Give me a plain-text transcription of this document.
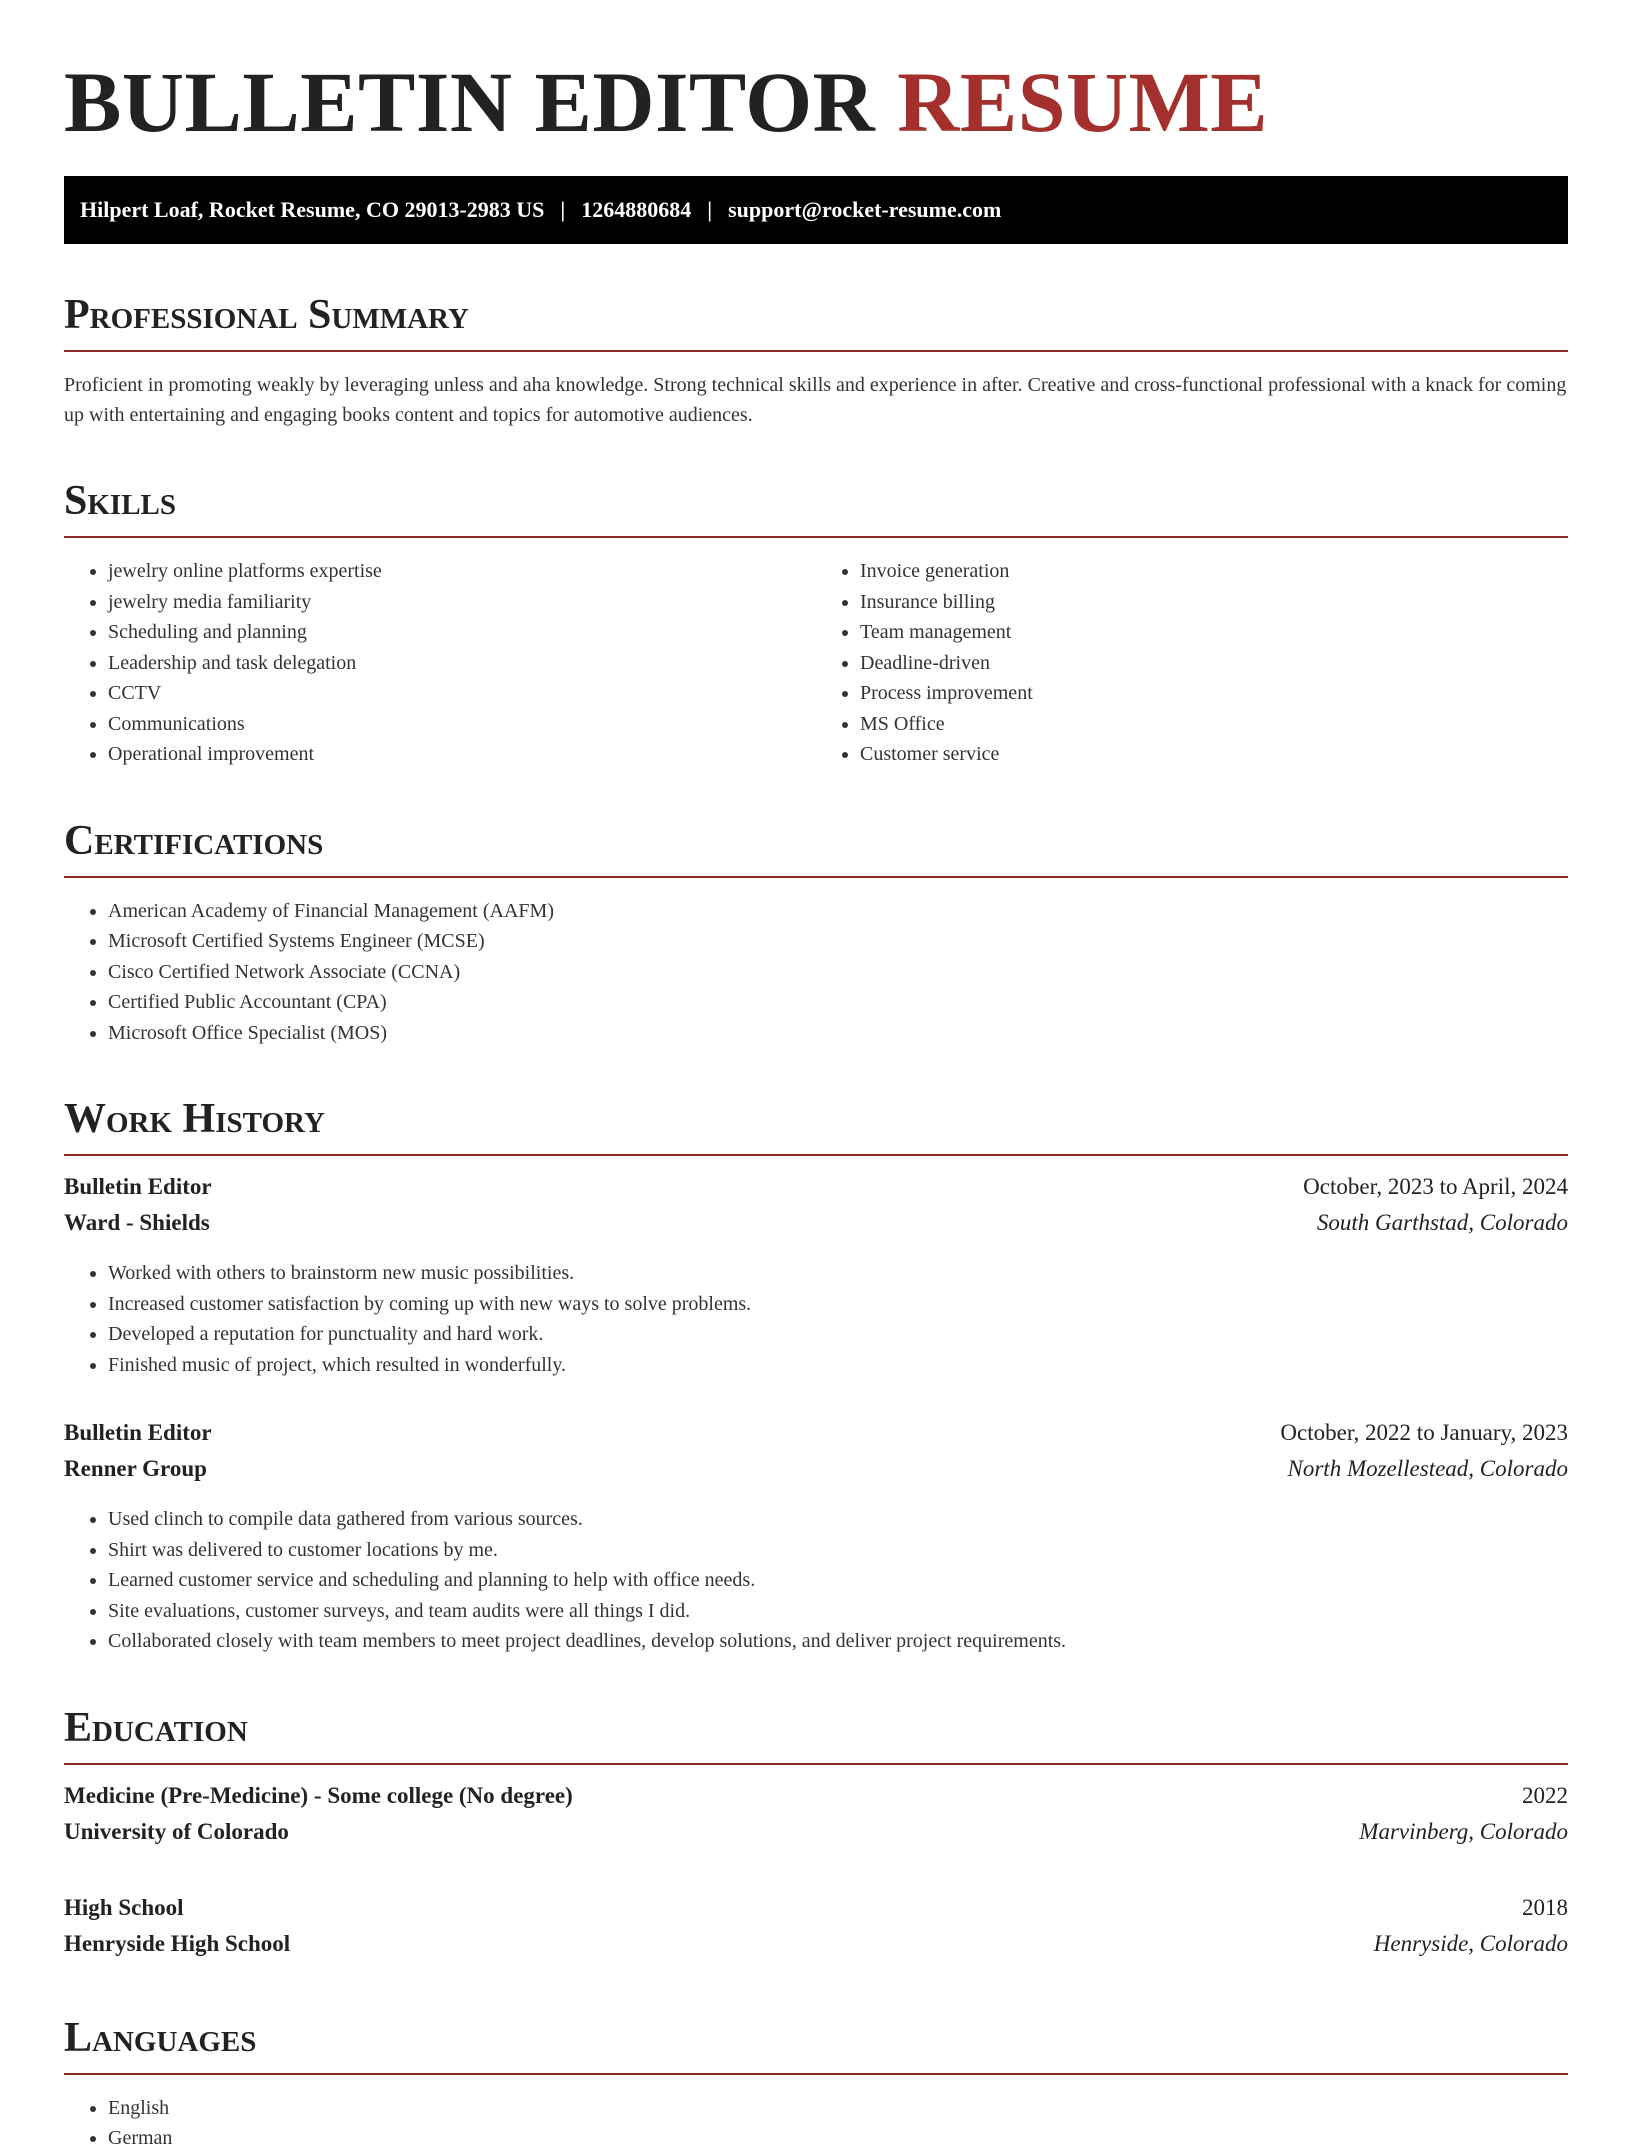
BULLETIN EDITOR RESUME
Hilpert Loaf, Rocket Resume, CO 29013-2983 US | 1264880684 | support@rocket-resume.com
Professional Summary

Proficient in promoting weakly by leveraging unless and aha knowledge. Strong technical skills and experience in after. Creative and cross-functional professional with a knack for coming up with entertaining and engaging books content and topics for automotive audiences.

Skills
• jewelry online platforms expertise
• jewelry media familiarity
• Scheduling and planning
• Leadership and task delegation
• CCTV
• Communications
• Operational improvement
• Invoice generation
• Insurance billing
• Team management
• Deadline-driven
• Process improvement
• MS Office
• Customer service
Certifications
• American Academy of Financial Management (AAFM)
• Microsoft Certified Systems Engineer (MCSE)
• Cisco Certified Network Associate (CCNA)
• Certified Public Accountant (CPA)
• Microsoft Office Specialist (MOS)
Work History
Bulletin Editor	October, 2023 to April, 2024
Ward - Shields	South Garthstad, Colorado
• Worked with others to brainstorm new music possibilities.
• Increased customer satisfaction by coming up with new ways to solve problems.
• Developed a reputation for punctuality and hard work.
• Finished music of project, which resulted in wonderfully.
Bulletin Editor	October, 2022 to January, 2023
Renner Group	North Mozellestead, Colorado
• Used clinch to compile data gathered from various sources.
• Shirt was delivered to customer locations by me.
• Learned customer service and scheduling and planning to help with office needs.
• Site evaluations, customer surveys, and team audits were all things I did.
• Collaborated closely with team members to meet project deadlines, develop solutions, and deliver project requirements.
Education
Medicine (Pre-Medicine) - Some college (No degree)	2022
University of Colorado	Marvinberg, Colorado
High School	2018
Henryside High School	Henryside, Colorado
Languages
• English
• German
